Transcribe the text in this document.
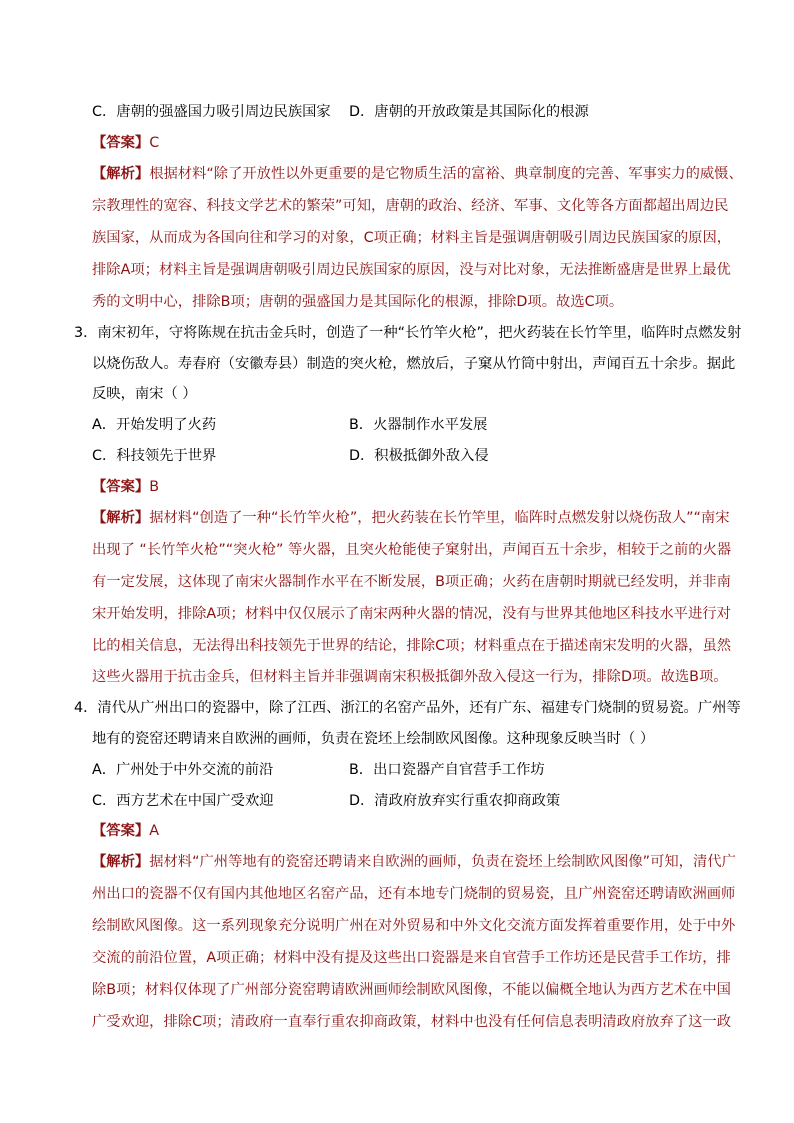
C．唐朝的强盛国力吸引周边民族国家 D．唐朝的开放政策是其国际化的根源
【答案】C
【解析】根据材料“除了开放性以外更重要的是它物质生活的富裕、典章制度的完善、军事实力的威慑、
宗教理性的宽容、科技文学艺术的繁荣”可知，唐朝的政治、经济、军事、文化等各方面都超出周边民
族国家，从而成为各国向往和学习的对象，C项正确；材料主旨是强调唐朝吸引周边民族国家的原因，
排除A项；材料主旨是强调唐朝吸引周边民族国家的原因，没与对比对象，无法推断盛唐是世界上最优
秀的文明中心，排除B项；唐朝的强盛国力是其国际化的根源，排除D项。故选C项。
3．南宋初年，守将陈规在抗击金兵时，创造了一种“长竹竿火枪”，把火药装在长竹竿里，临阵时点燃发射
以烧伤敌人。寿春府（安徽寿县）制造的突火枪，燃放后，子窠从竹筒中射出，声闻百五十余步。据此
反映，南宋（ ）
A．开始发明了火药	B．火器制作水平发展
C．科技领先于世界	D．积极抵御外敌入侵
【答案】B
【解析】据材料“创造了一种“长竹竿火枪”，把火药装在长竹竿里，临阵时点燃发射以烧伤敌人”“南宋
出现了 “长竹竿火枪”“突火枪” 等火器，且突火枪能使子窠射出，声闻百五十余步，相较于之前的火器
有一定发展，这体现了南宋火器制作水平在不断发展，B项正确；火药在唐朝时期就已经发明，并非南
宋开始发明，排除A项；材料中仅仅展示了南宋两种火器的情况，没有与世界其他地区科技水平进行对
比的相关信息，无法得出科技领先于世界的结论，排除C项；材料重点在于描述南宋发明的火器，虽然
这些火器用于抗击金兵，但材料主旨并非强调南宋积极抵御外敌入侵这一行为，排除D项。故选B项。
4．清代从广州出口的瓷器中，除了江西、浙江的名窑产品外，还有广东、福建专门烧制的贸易瓷。广州等
地有的瓷窑还聘请来自欧洲的画师，负责在瓷坯上绘制欧风图像。这种现象反映当时（ ）
A．广州处于中外交流的前沿	B．出口瓷器产自官营手工作坊
C．西方艺术在中国广受欢迎	D．清政府放弃实行重农抑商政策
【答案】A
【解析】据材料“广州等地有的瓷窑还聘请来自欧洲的画师，负责在瓷坯上绘制欧风图像”可知，清代广
州出口的瓷器不仅有国内其他地区名窑产品，还有本地专门烧制的贸易瓷，且广州瓷窑还聘请欧洲画师
绘制欧风图像。这一系列现象充分说明广州在对外贸易和中外文化交流方面发挥着重要作用，处于中外
交流的前沿位置，A项正确；材料中没有提及这些出口瓷器是来自官营手工作坊还是民营手工作坊，排
除B项；材料仅体现了广州部分瓷窑聘请欧洲画师绘制欧风图像，不能以偏概全地认为西方艺术在中国
广受欢迎，排除C项；清政府一直奉行重农抑商政策，材料中也没有任何信息表明清政府放弃了这一政
